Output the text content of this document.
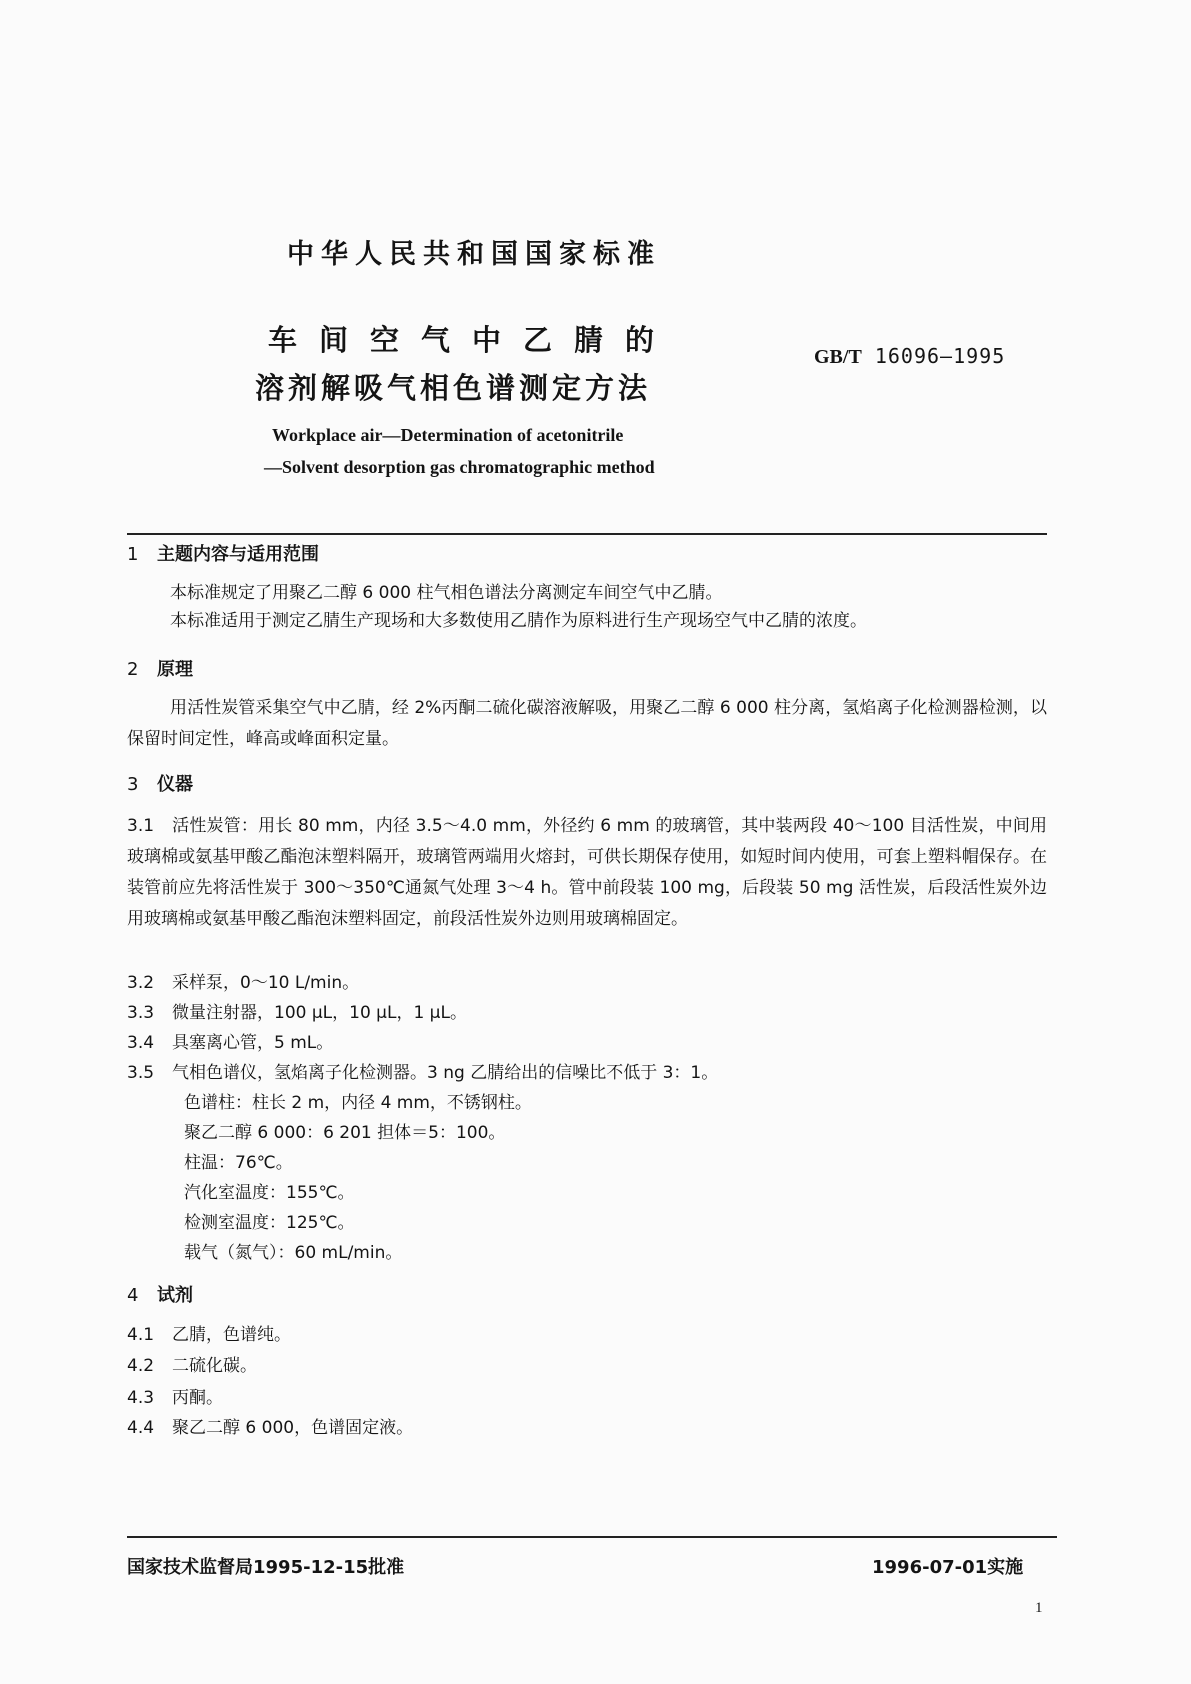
中华人民共和国国家标准
车间空气中乙腈的
溶剂解吸气相色谱测定方法
GB/T 16096—1995
Workplace air—Determination of acetonitrile
—Solvent desorption gas chromatographic method
1 主题内容与适用范围
本标准规定了用聚乙二醇 6 000 柱气相色谱法分离测定车间空气中乙腈。
本标准适用于测定乙腈生产现场和大多数使用乙腈作为原料进行生产现场空气中乙腈的浓度。
2 原理
用活性炭管采集空气中乙腈，经 2%丙酮二硫化碳溶液解吸，用聚乙二醇 6 000 柱分离，氢焰离子化检测器检测，以保留时间定性，峰高或峰面积定量。
3 仪器
3.1 活性炭管：用长 80 mm，内径 3.5～4.0 mm，外径约 6 mm 的玻璃管，其中装两段 40～100 目活性炭，中间用玻璃棉或氨基甲酸乙酯泡沫塑料隔开，玻璃管两端用火熔封，可供长期保存使用，如短时间内使用，可套上塑料帽保存。在装管前应先将活性炭于 300～350℃通氮气处理 3～4 h。管中前段装 100 mg，后段装 50 mg 活性炭，后段活性炭外边用玻璃棉或氨基甲酸乙酯泡沫塑料固定，前段活性炭外边则用玻璃棉固定。
3.2 采样泵，0～10 L/min。
3.3 微量注射器，100 μL，10 μL，1 μL。
3.4 具塞离心管，5 mL。
3.5 气相色谱仪，氢焰离子化检测器。3 ng 乙腈给出的信噪比不低于 3：1。
色谱柱：柱长 2 m，内径 4 mm，不锈钢柱。
聚乙二醇 6 000：6 201 担体＝5：100。
柱温：76℃。
汽化室温度：155℃。
检测室温度：125℃。
载气（氮气）：60 mL/min。
4 试剂
4.1 乙腈，色谱纯。
4.2 二硫化碳。
4.3 丙酮。
4.4 聚乙二醇 6 000，色谱固定液。
国家技术监督局1995-12-15批准	1996-07-01实施
1
